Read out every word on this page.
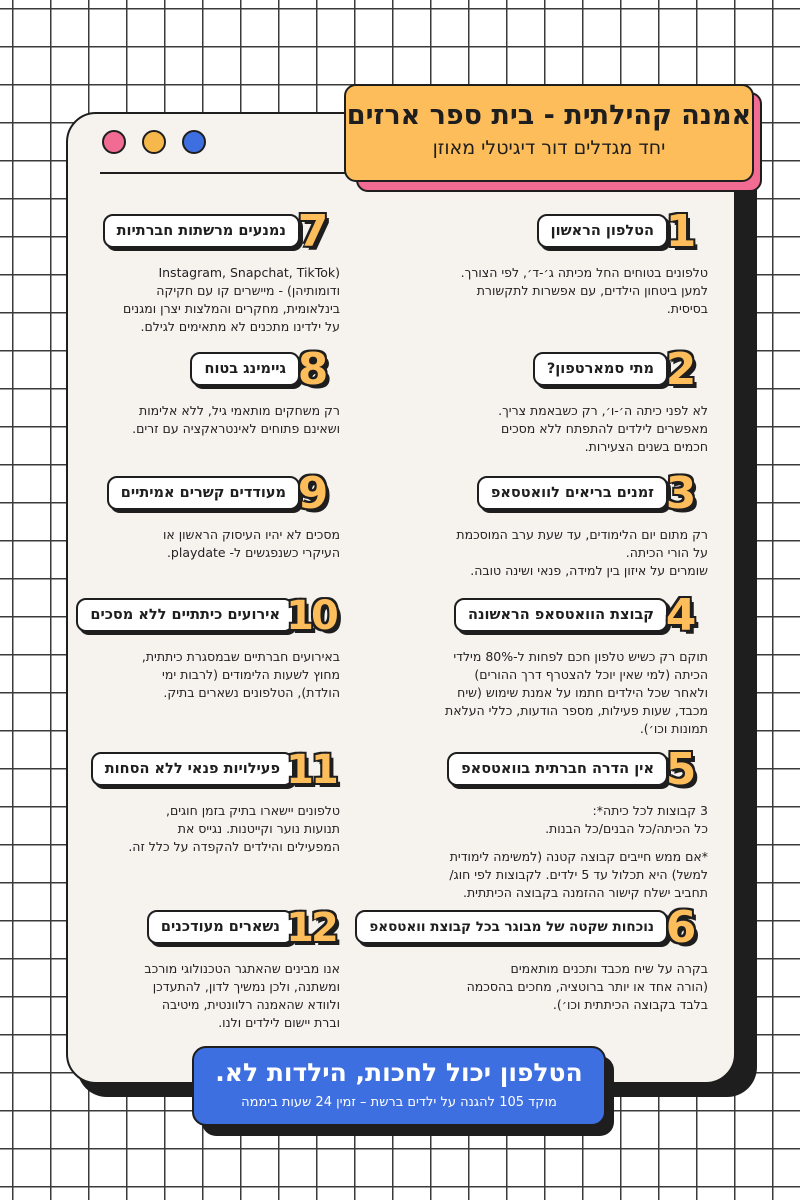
אמנה קהילתית - בית ספר ארזים
יחד מגדלים דור דיגיטלי מאוזן
1
הטלפון הראשון

טלפונים בטוחים החל מכיתה ג׳-ד׳, לפי הצורך.

למען ביטחון הילדים, עם אפשרות לתקשורת

בסיסית.

2
מתי סמארטפון?

לא לפני כיתה ה׳-ו׳, רק כשבאמת צריך.

מאפשרים לילדים להתפתח ללא מסכים

חכמים בשנים הצעירות.

3
זמנים בריאים לוואטסאפ

רק מתום יום הלימודים, עד שעת ערב המוסכמת

על הורי הכיתה.

שומרים על איזון בין למידה, פנאי ושינה טובה.

4
קבוצת הוואטסאפ הראשונה

תוקם רק כשיש טלפון חכם לפחות ל-80% מילדי

הכיתה (למי שאין יוכל להצטרף דרך ההורים)

ולאחר שכל הילדים חתמו על אמנת שימוש (שיח

מכבד, שעות פעילות, מספר הודעות, כללי העלאת

תמונות וכו׳).

5
אין הדרה חברתית בוואטסאפ

3 קבוצות לכל כיתה*:

כל הכיתה/כל הבנים/כל הבנות.

*אם ממש חייבים קבוצה קטנה (למשימה לימודית

למשל) היא תכלול עד 5 ילדים. לקבוצות לפי חוג/

תחביב ישלח קישור ההזמנה בקבוצה הכיתתית.

6
נוכחות שקטה של מבוגר בכל קבוצת וואטסאפ

בקרה על שיח מכבד ותכנים מותאמים

(הורה אחד או יותר ברוטציה, מחכים בהסכמה

בלבד בקבוצה הכיתתית וכו׳).

7
נמנעים מרשתות חברתיות

(Instagram, Snapchat, TikTok

ודומותיהן) - מיישרים קו עם חקיקה

בינלאומית, מחקרים והמלצות יצרן ומגנים

על ילדינו מתכנים לא מתאימים לגילם.

8
גיימינג בטוח

רק משחקים מותאמי גיל, ללא אלימות

ושאינם פתוחים לאינטראקציה עם זרים.

9
מעודדים קשרים אמיתיים

מסכים לא יהיו העיסוק הראשון או

העיקרי כשנפגשים ל- playdate.

10
אירועים כיתתיים ללא מסכים

באירועים חברתיים שבמסגרת כיתתית,

מחוץ לשעות הלימודים (לרבות ימי

הולדת), הטלפונים נשארים בתיק.

11
פעילויות פנאי ללא הסחות

טלפונים יישארו בתיק בזמן חוגים,

תנועות נוער וקייטנות. נגייס את

המפעילים והילדים להקפדה על כלל זה.

12
נשארים מעודכנים

אנו מבינים שהאתגר הטכנולוגי מורכב

ומשתנה, ולכן נמשיך לדון, להתעדכן

ולוודא שהאמנה רלוונטית, מיטיבה

וברת יישום לילדים ולנו.

הטלפון יכול לחכות, הילדות לא.
מוקד 105 להגנה על ילדים ברשת – זמין 24 שעות ביממה
